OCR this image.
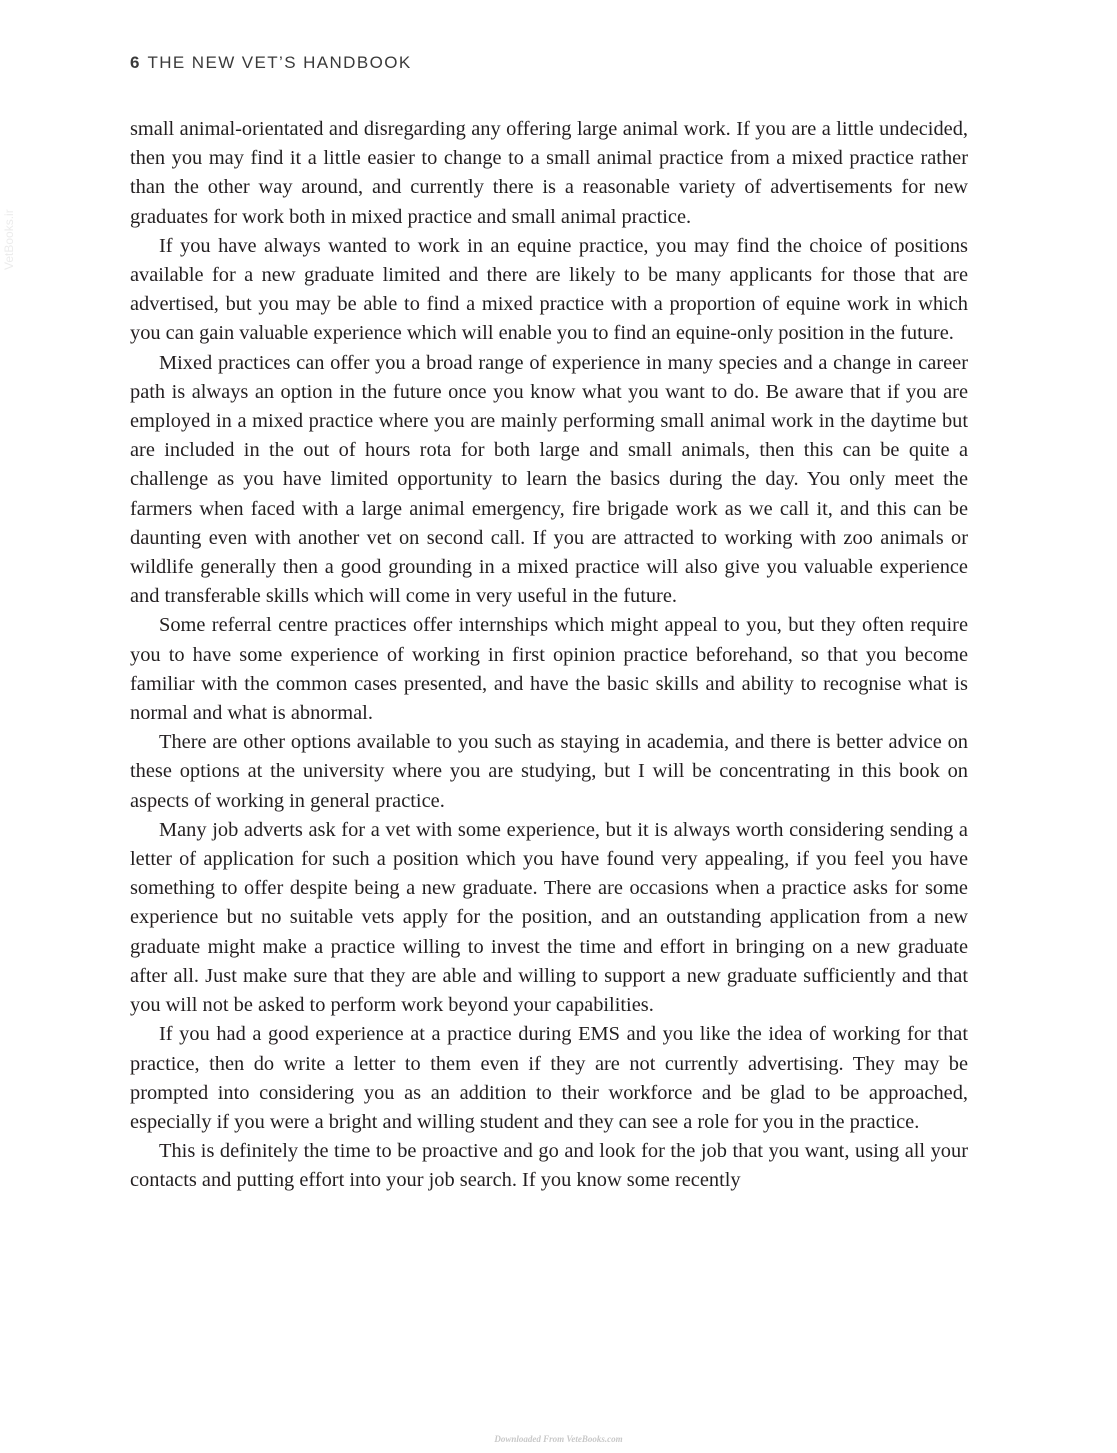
6 THE NEW VET’S HANDBOOK
VetBooks.ir

small animal-orientated and disregarding any offering large animal work. If you are a little undecided, then you may find it a little easier to change to a small animal practice from a mixed practice rather than the other way around, and currently there is a reasonable variety of advertisements for new graduates for work both in mixed practice and small animal practice.

If you have always wanted to work in an equine practice, you may find the choice of positions available for a new graduate limited and there are likely to be many applicants for those that are advertised, but you may be able to find a mixed practice with a proportion of equine work in which you can gain valuable experience which will enable you to find an equine-only position in the future.

Mixed practices can offer you a broad range of experience in many species and a change in career path is always an option in the future once you know what you want to do. Be aware that if you are employed in a mixed practice where you are mainly performing small animal work in the daytime but are included in the out of hours rota for both large and small animals, then this can be quite a challenge as you have limited opportunity to learn the basics during the day. You only meet the farmers when faced with a large animal emergency, fire brigade work as we call it, and this can be daunting even with another vet on second call. If you are attracted to working with zoo animals or wildlife generally then a good grounding in a mixed practice will also give you valuable experience and transferable skills which will come in very useful in the future.

Some referral centre practices offer internships which might appeal to you, but they often require you to have some experience of working in first opinion practice beforehand, so that you become familiar with the common cases presented, and have the basic skills and ability to recognise what is normal and what is abnormal.

There are other options available to you such as staying in academia, and there is better advice on these options at the university where you are studying, but I will be concentrating in this book on aspects of working in general practice.

Many job adverts ask for a vet with some experience, but it is always worth considering sending a letter of application for such a position which you have found very appealing, if you feel you have something to offer despite being a new graduate. There are occasions when a practice asks for some experience but no suitable vets apply for the position, and an outstanding application from a new graduate might make a practice willing to invest the time and effort in bringing on a new graduate after all. Just make sure that they are able and willing to support a new graduate sufficiently and that you will not be asked to perform work beyond your capabilities.

If you had a good experience at a practice during EMS and you like the idea of working for that practice, then do write a letter to them even if they are not currently advertising. They may be prompted into considering you as an addition to their workforce and be glad to be approached, especially if you were a bright and willing student and they can see a role for you in the practice.

This is definitely the time to be proactive and go and look for the job that you want, using all your contacts and putting effort into your job search. If you know some recently

Downloaded From VeteBooks.com
